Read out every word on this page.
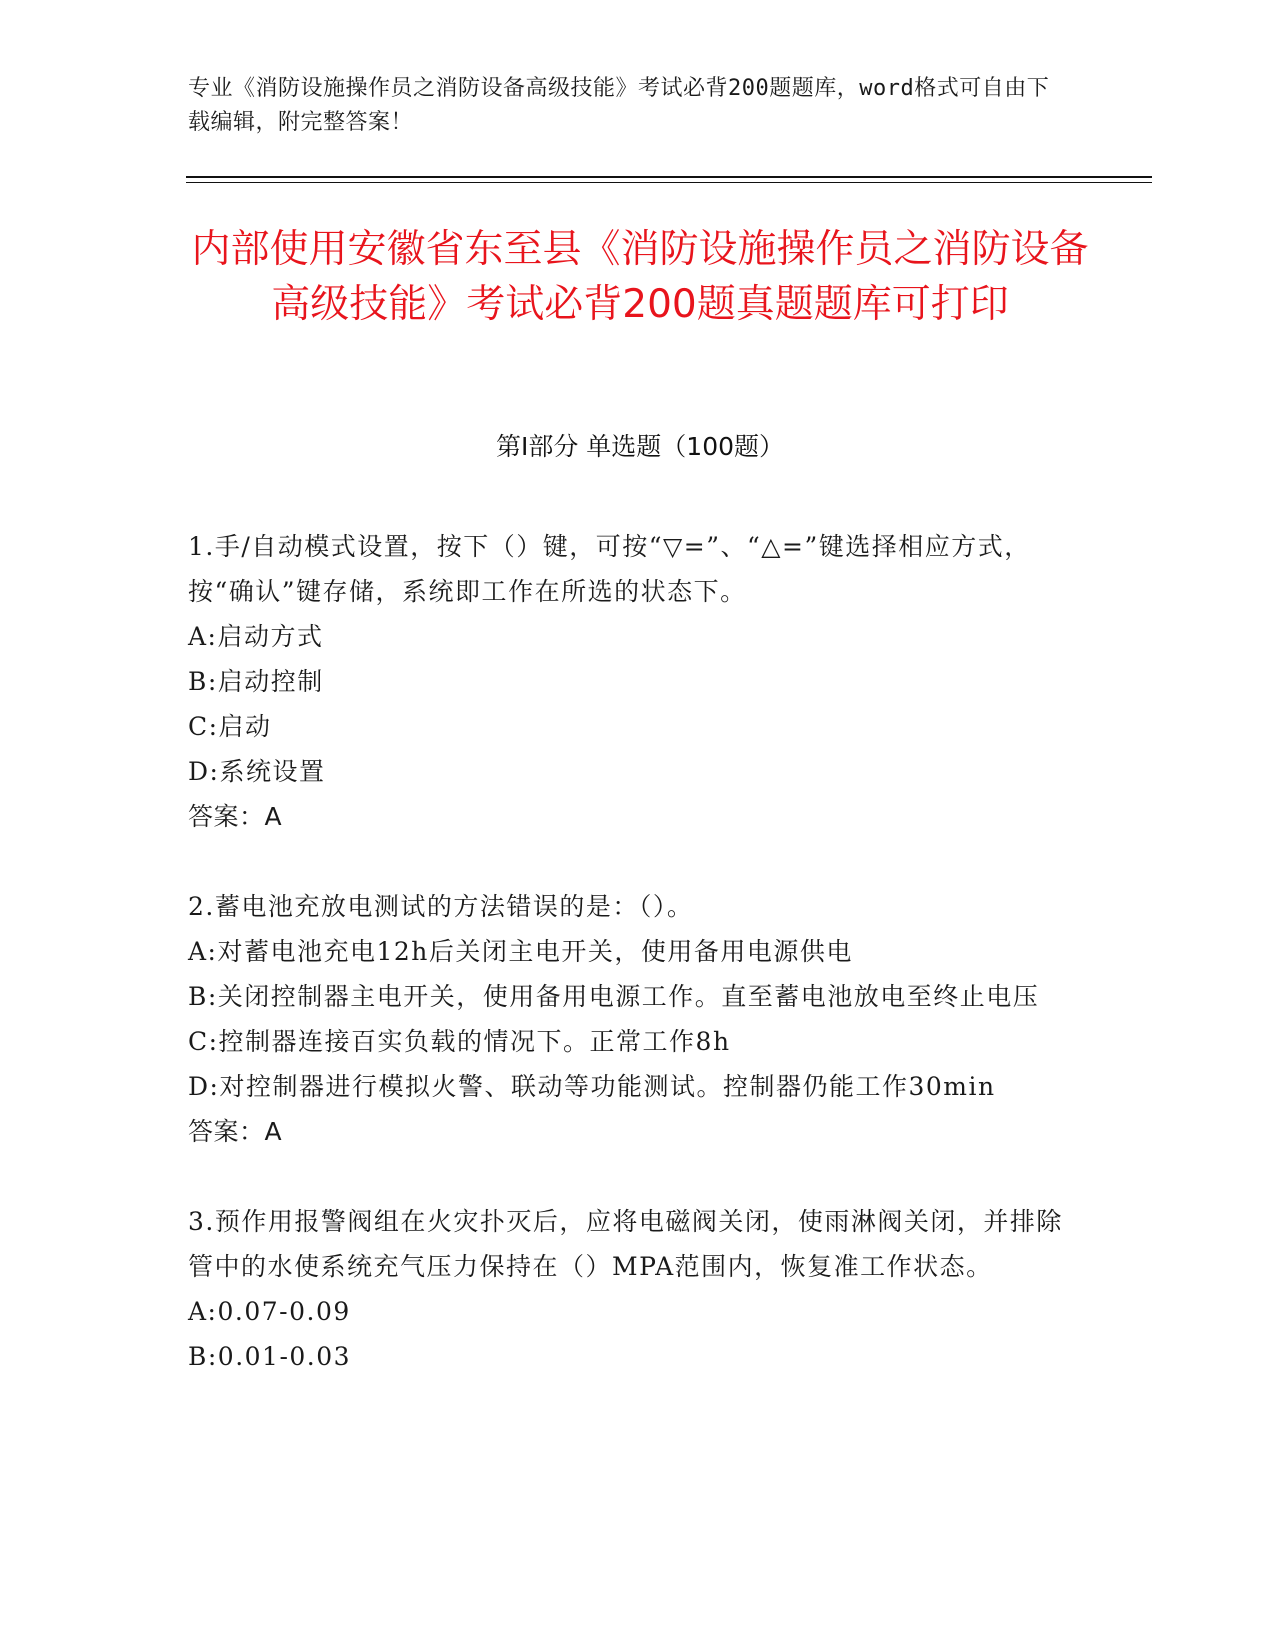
专业《消防设施操作员之消防设备高级技能》考试必背200题题库，word格式可自由下载编辑，附完整答案！
内部使用安徽省东至县《消防设施操作员之消防设备高级技能》考试必背200题真题题库可打印
第Ⅰ部分 单选题（100题）

1.手/自动模式设置，按下（）键，可按“▽=”、“△=”键选择相应方式，按“确认”键存储，系统即工作在所选的状态下。

A:启动方式

B:启动控制

C:启动

D:系统设置

答案：A

2.蓄电池充放电测试的方法错误的是：（）。

A:对蓄电池充电12h后关闭主电开关，使用备用电源供电

B:关闭控制器主电开关，使用备用电源工作。直至蓄电池放电至终止电压

C:控制器连接百实负载的情况下。正常工作8h

D:对控制器进行模拟火警、联动等功能测试。控制器仍能工作30min

答案：A

3.预作用报警阀组在火灾扑灭后，应将电磁阀关闭，使雨淋阀关闭，并排除管中的水使系统充气压力保持在（）MPA范围内，恢复准工作状态。

A:0.07-0.09

B:0.01-0.03
